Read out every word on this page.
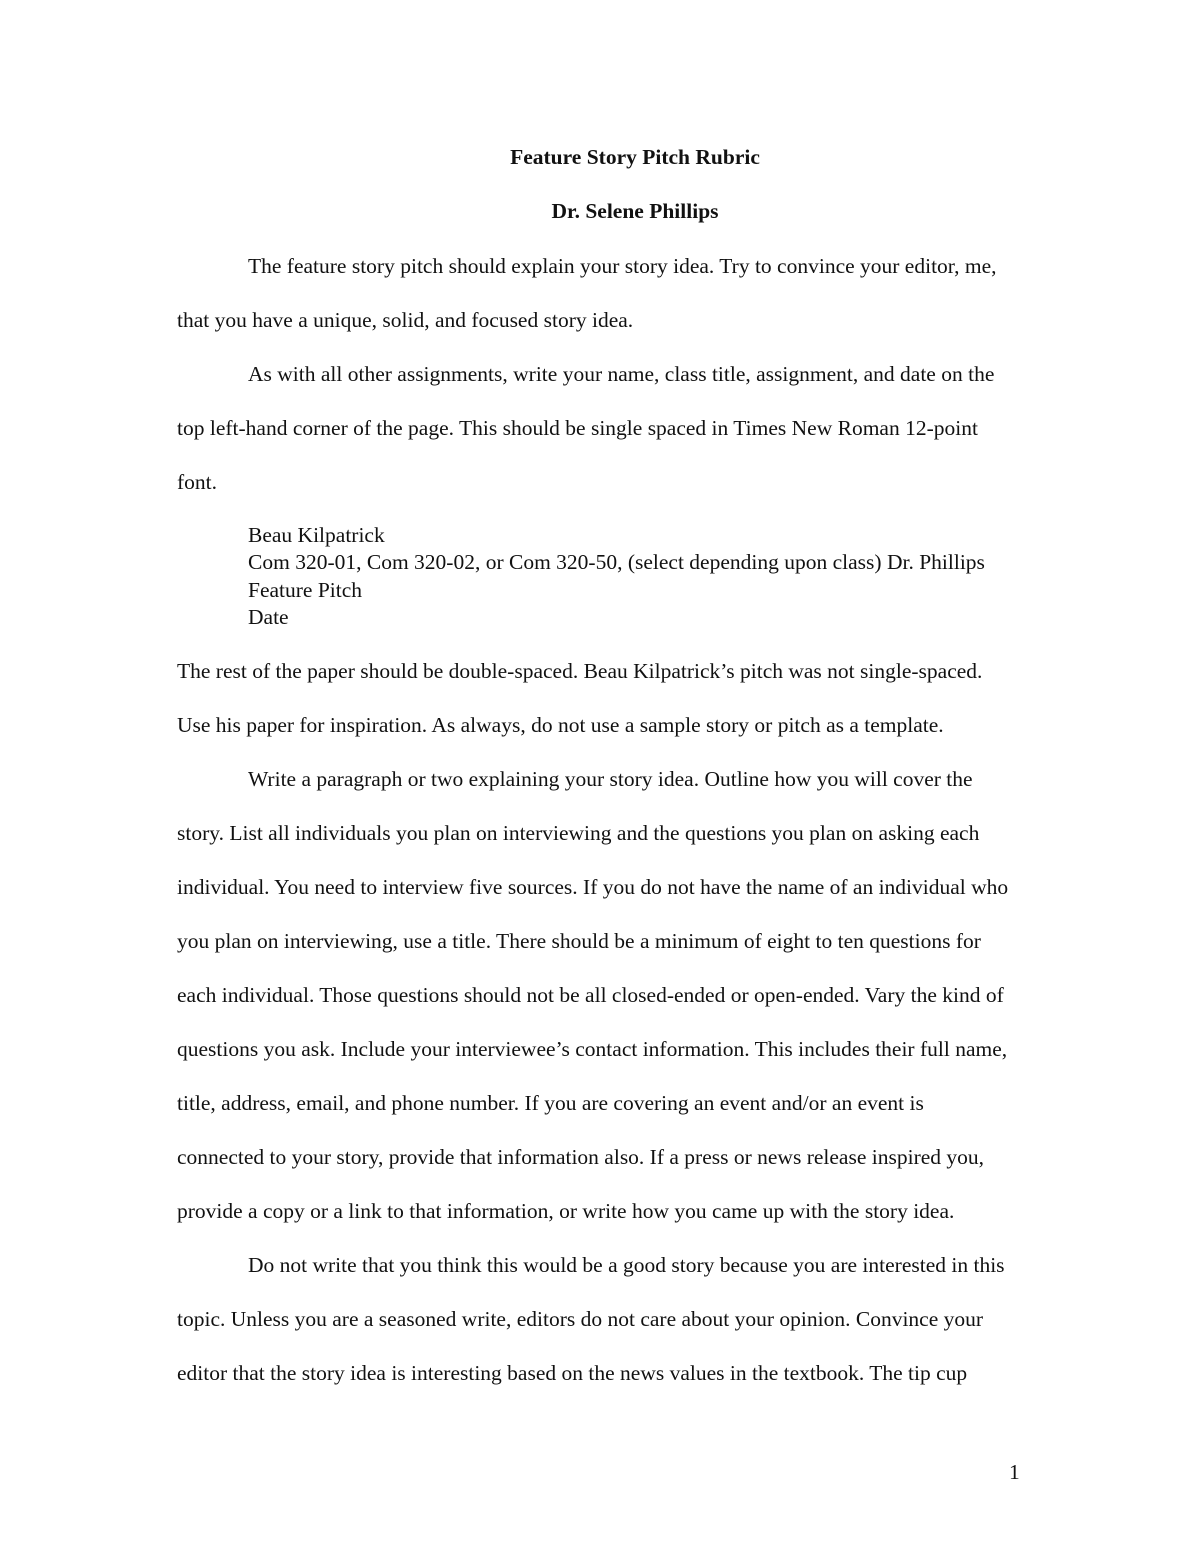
Feature Story Pitch Rubric
Dr. Selene Phillips
The feature story pitch should explain your story idea. Try to convince your editor, me,
that you have a unique, solid, and focused story idea.
As with all other assignments, write your name, class title, assignment, and date on the
top left-hand corner of the page. This should be single spaced in Times New Roman 12-point
font.
Beau Kilpatrick
Com 320-01, Com 320-02, or Com 320-50, (select depending upon class) Dr. Phillips
Feature Pitch
Date
The rest of the paper should be double-spaced. Beau Kilpatrick’s pitch was not single-spaced.
Use his paper for inspiration. As always, do not use a sample story or pitch as a template.
Write a paragraph or two explaining your story idea. Outline how you will cover the
story. List all individuals you plan on interviewing and the questions you plan on asking each
individual. You need to interview five sources. If you do not have the name of an individual who
you plan on interviewing, use a title. There should be a minimum of eight to ten questions for
each individual. Those questions should not be all closed-ended or open-ended. Vary the kind of
questions you ask. Include your interviewee’s contact information. This includes their full name,
title, address, email, and phone number. If you are covering an event and/or an event is
connected to your story, provide that information also. If a press or news release inspired you,
provide a copy or a link to that information, or write how you came up with the story idea.
Do not write that you think this would be a good story because you are interested in this
topic. Unless you are a seasoned write, editors do not care about your opinion. Convince your
editor that the story idea is interesting based on the news values in the textbook. The tip cup
1
